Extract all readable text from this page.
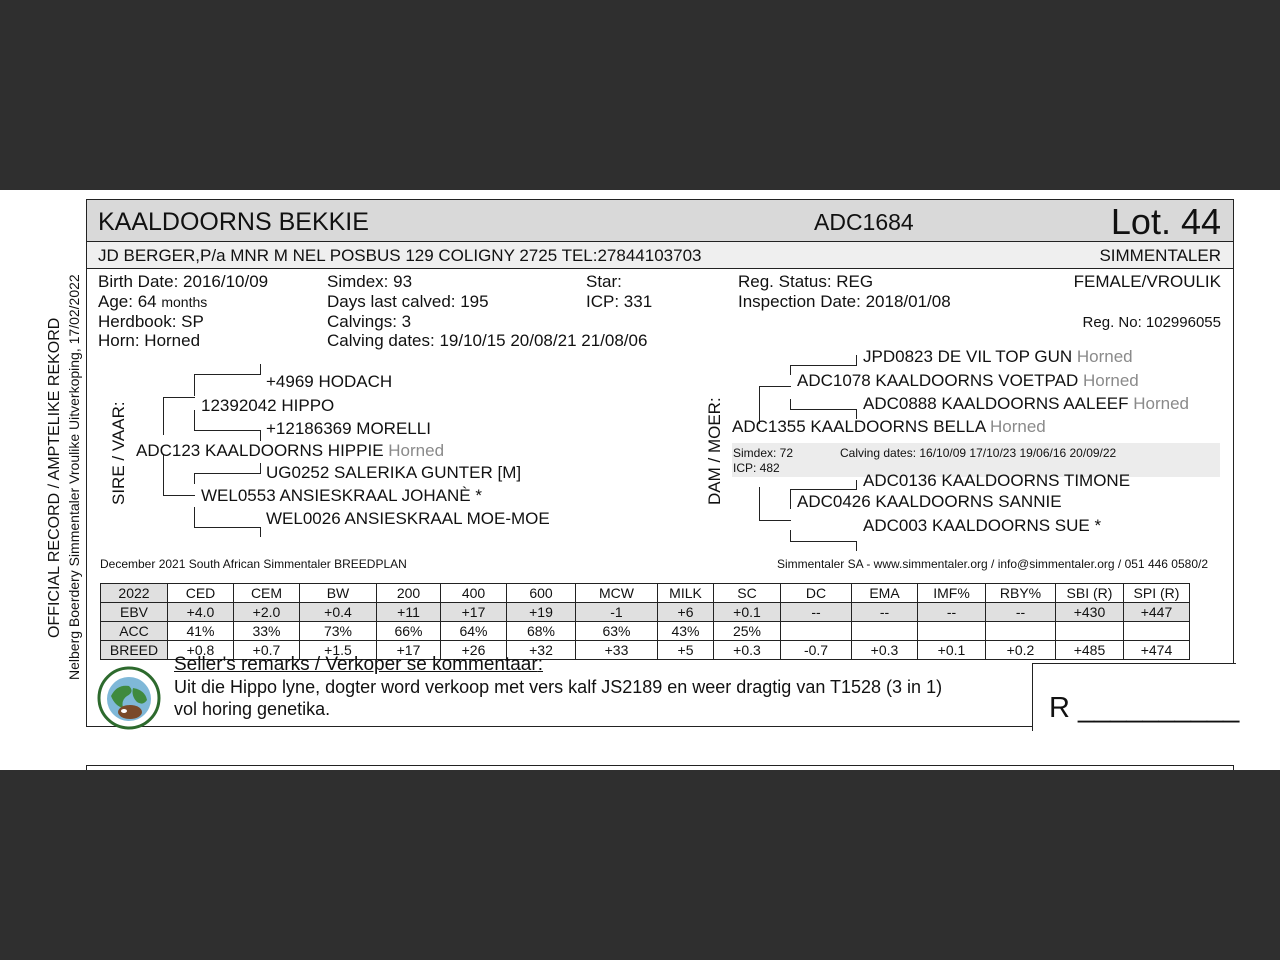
OFFICIAL RECORD / AMPTELIKE REKORD Nelberg Boerdery Simmentaler Vroulike Uitverkoping, 17/02/2022
KAALDOORNS BEKKIE	ADC1684	Lot. 44
JD BERGER,P/a MNR M NEL POSBUS 129 COLIGNY 2725 TEL:27844103703	SIMMENTALER
Birth Date: 2016/10/09
Age: 64 months
Herdbook: SP
Horn: Horned
Simdex: 93
Days last calved: 195
Calvings: 3
Calving dates: 19/10/15 20/08/21 21/08/06
Star:
ICP: 331
Reg. Status: REG
Inspection Date: 2018/01/08
FEMALE/VROULIK
Reg. No: 102996055
SIRE / VAAR:
+4969 HODACH
12392042 HIPPO
+12186369 MORELLI
ADC123 KAALDOORNS HIPPIE Horned
UG0252 SALERIKA GUNTER [M]
WEL0553 ANSIESKRAAL JOHANÈ *
WEL0026 ANSIESKRAAL MOE-MOE
DAM / MOER: Simdex: 72	Calving dates: 16/10/09 17/10/23 19/06/16 20/09/22
ICP: 482
JPD0823 DE VIL TOP GUN Horned
ADC1078 KAALDOORNS VOETPAD Horned
ADC0888 KAALDOORNS AALEEF Horned
ADC1355 KAALDOORNS BELLA Horned
ADC0136 KAALDOORNS TIMONE
ADC0426 KAALDOORNS SANNIE
ADC003 KAALDOORNS SUE *
December 2021 South African Simmentaler BREEDPLAN	Simmentaler SA - www.simmentaler.org / info@simmentaler.org / 051 446 0580/2
2022	CED	CEM	BW	200	400	600	MCW	MILK	SC	DC	EMA	IMF%	RBY%	SBI (R)	SPI (R)
EBV	+4.0	+2.0	+0.4	+11	+17	+19	-1	+6	+0.1	--	--	--	--	+430	+447
ACC	41%	33%	73%	66%	64%	68%	63%	43%	25%						
BREED	+0.8	+0.7	+1.5	+17	+26	+32	+33	+5	+0.3	-0.7	+0.3	+0.1	+0.2	+485	+474
Seller's remarks / Verkoper se kommentaar:
Uit die Hippo lyne, dogter word verkoop met vers kalf JS2189 en weer dragtig van T1528 (3 in 1)
vol horing genetika.	R __________
